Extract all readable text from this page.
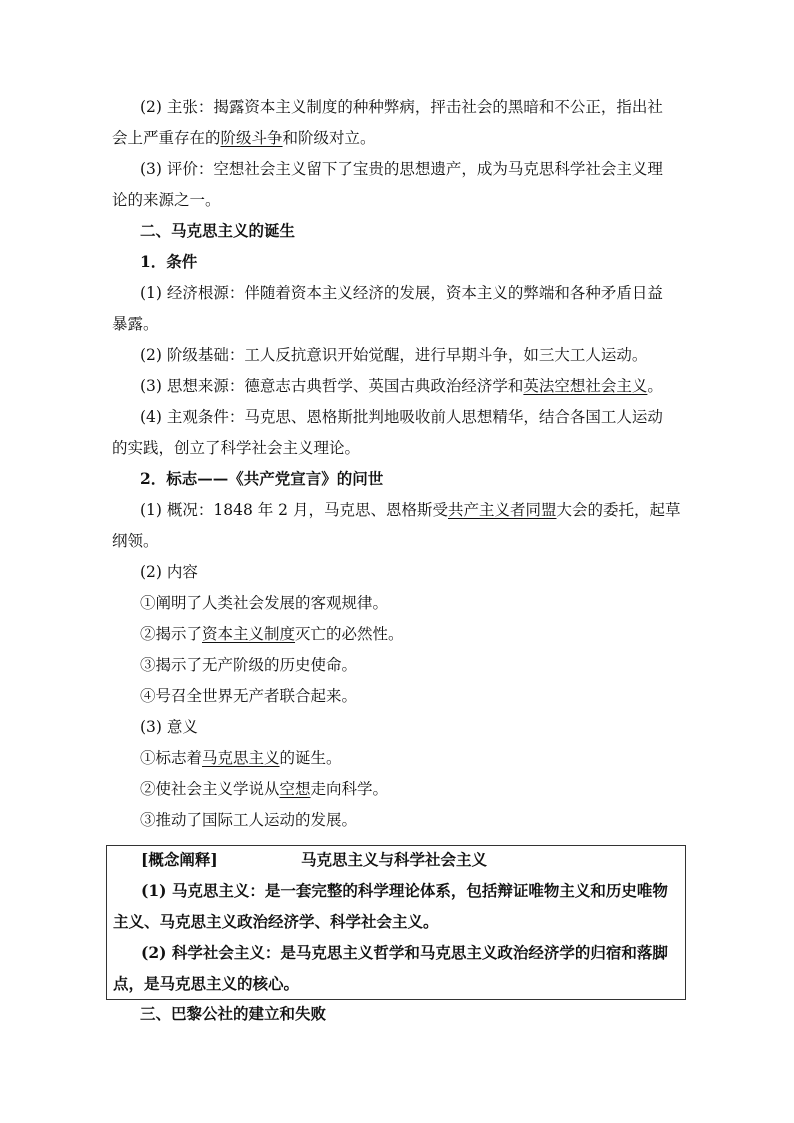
(2) 主张：揭露资本主义制度的种种弊病，抨击社会的黑暗和不公正，指出社
会上严重存在的阶级斗争和阶级对立。
(3) 评价：空想社会主义留下了宝贵的思想遗产，成为马克思科学社会主义理
论的来源之一。
二、马克思主义的诞生
1．条件
(1) 经济根源：伴随着资本主义经济的发展，资本主义的弊端和各种矛盾日益
暴露。
(2) 阶级基础：工人反抗意识开始觉醒，进行早期斗争，如三大工人运动。
(3) 思想来源：德意志古典哲学、英国古典政治经济学和英法空想社会主义。
(4) 主观条件：马克思、恩格斯批判地吸收前人思想精华，结合各国工人运动
的实践，创立了科学社会主义理论。
2．标志——《共产党宣言》的问世
(1) 概况：1848 年 2 月，马克思、恩格斯受共产主义者同盟大会的委托，起草
纲领。
(2) 内容
①阐明了人类社会发展的客观规律。
②揭示了资本主义制度灭亡的必然性。
③揭示了无产阶级的历史使命。
④号召全世界无产者联合起来。
(3) 意义
①标志着马克思主义的诞生。
②使社会主义学说从空想走向科学。
③推动了国际工人运动的发展。
[概念阐释]	马克思主义与科学社会主义
(1) 马克思主义：是一套完整的科学理论体系，包括辩证唯物主义和历史唯物
主义、马克思主义政治经济学、科学社会主义。
(2) 科学社会主义：是马克思主义哲学和马克思主义政治经济学的归宿和落脚
点，是马克思主义的核心。
三、巴黎公社的建立和失败
